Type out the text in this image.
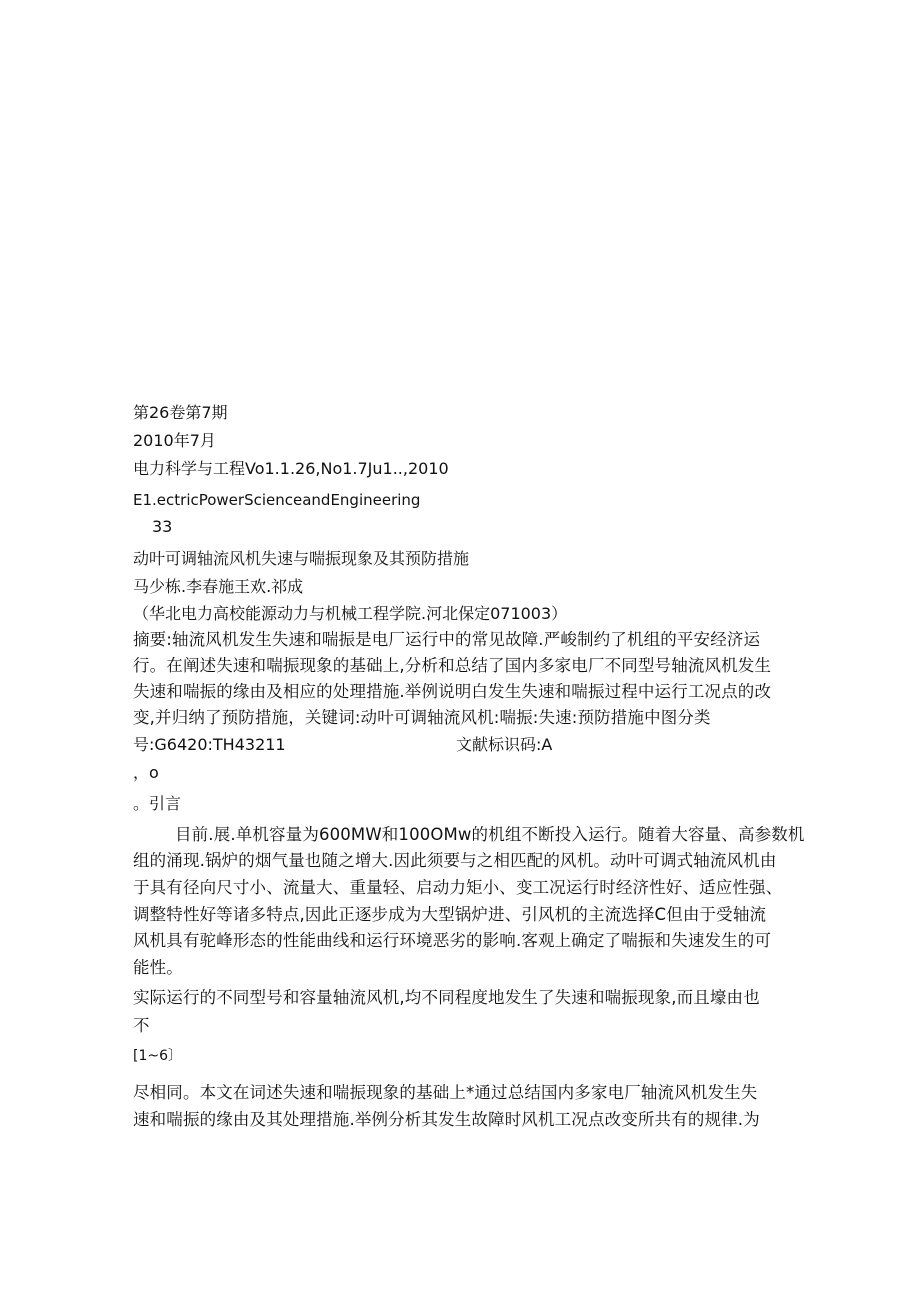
第26卷第7期
2010年7月
电力科学与工程Vo1.1.26,No1.7Ju1..,2010
E1.ectricPowerScienceandEngineering
33
动叶可调轴流风机失速与喘振现象及其预防措施
马少栋.李春施王欢.祁成
（华北电力高校能源动力与机械工程学院.河北保定071003）
摘要:轴流风机发生失速和喘振是电厂运行中的常见故障.严峻制约了机组的平安经济运
行。在阐述失速和喘振现象的基础上,分析和总结了国内多家电厂不同型号轴流风机发生
失速和喘振的缘由及相应的处理措施.举例说明白发生失速和喘振过程中运行工况点的改
变,并归纳了预防措施，关键词:动叶可调轴流风机:喘振:失速:预防措施中图分类
号:G6420:TH43211	文献标识码:A
，o
。引言
目前.展.单机容量为600MW和100OMw的机组不断投入运行。随着大容量、高参数机
组的涌现.锅炉的烟气量也随之增大.因此须要与之相匹配的风机。动叶可调式轴流风机由
于具有径向尺寸小、流量大、重量轻、启动力矩小、变工况运行时经济性好、适应性强、
调整特性好等诸多特点,因此正逐步成为大型锅炉进、引风机的主流选择C但由于受轴流
风机具有驼峰形态的性能曲线和运行环境恶劣的影响.客观上确定了喘振和失速发生的可
能性。
实际运行的不同型号和容量轴流风机,均不同程度地发生了失速和喘振现象,而且壕由也
不
[1~6〕
尽相同。本文在词述失速和喘振现象的基础上*通过总结国内多家电厂轴流风机发生失
速和喘振的缘由及其处理措施.举例分析其发生故障时风机工况点改变所共有的规律.为
